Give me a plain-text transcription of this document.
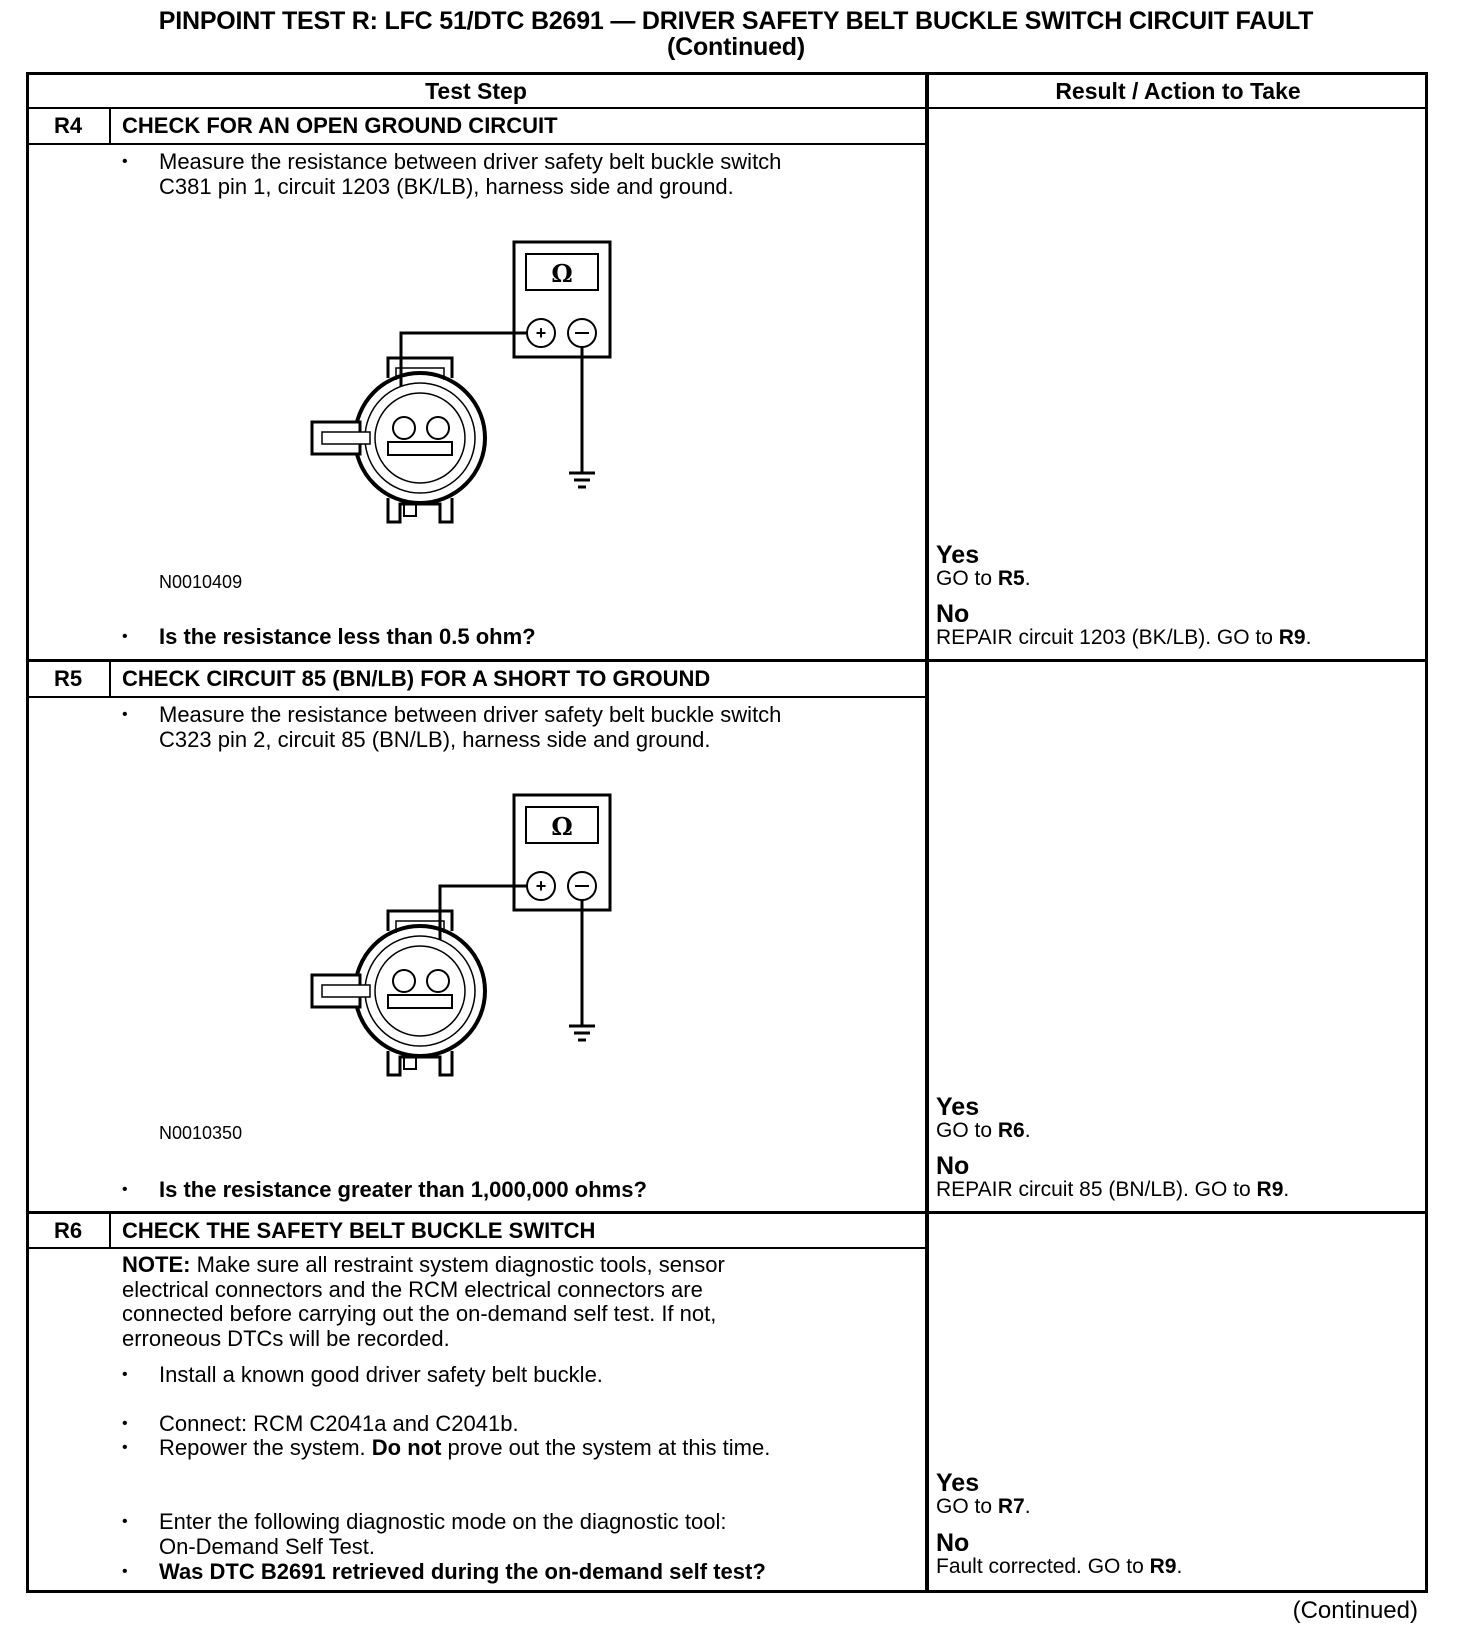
PINPOINT TEST R: LFC 51/DTC B2691 — DRIVER SAFETY BELT BUCKLE SWITCH CIRCUIT FAULT
(Continued)
Test Step	Result / Action to Take
R4	CHECK FOR AN OPEN GROUND CIRCUIT
• Measure the resistance between driver safety belt buckle switch
C381 pin 1, circuit 1203 (BK/LB), harness side and ground.
Ω
+
N0010409
• Is the resistance less than 0.5 ohm?
Yes
GO to R5.
No
REPAIR circuit 1203 (BK/LB). GO to R9.
R5	CHECK CIRCUIT 85 (BN/LB) FOR A SHORT TO GROUND
• Measure the resistance between driver safety belt buckle switch
C323 pin 2, circuit 85 (BN/LB), harness side and ground.
Ω
+
N0010350
• Is the resistance greater than 1,000,000 ohms?
Yes
GO to R6.
No
REPAIR circuit 85 (BN/LB). GO to R9.
R6	CHECK THE SAFETY BELT BUCKLE SWITCH
NOTE: Make sure all restraint system diagnostic tools, sensor
electrical connectors and the RCM electrical connectors are
connected before carrying out the on-demand self test. If not,
erroneous DTCs will be recorded.
• Install a known good driver safety belt buckle.
• Connect: RCM C2041a and C2041b.
• Repower the system. Do not prove out the system at this time.
• Enter the following diagnostic mode on the diagnostic tool:
On-Demand Self Test.
• Was DTC B2691 retrieved during the on-demand self test?
Yes
GO to R7.
No
Fault corrected. GO to R9.
(Continued)
